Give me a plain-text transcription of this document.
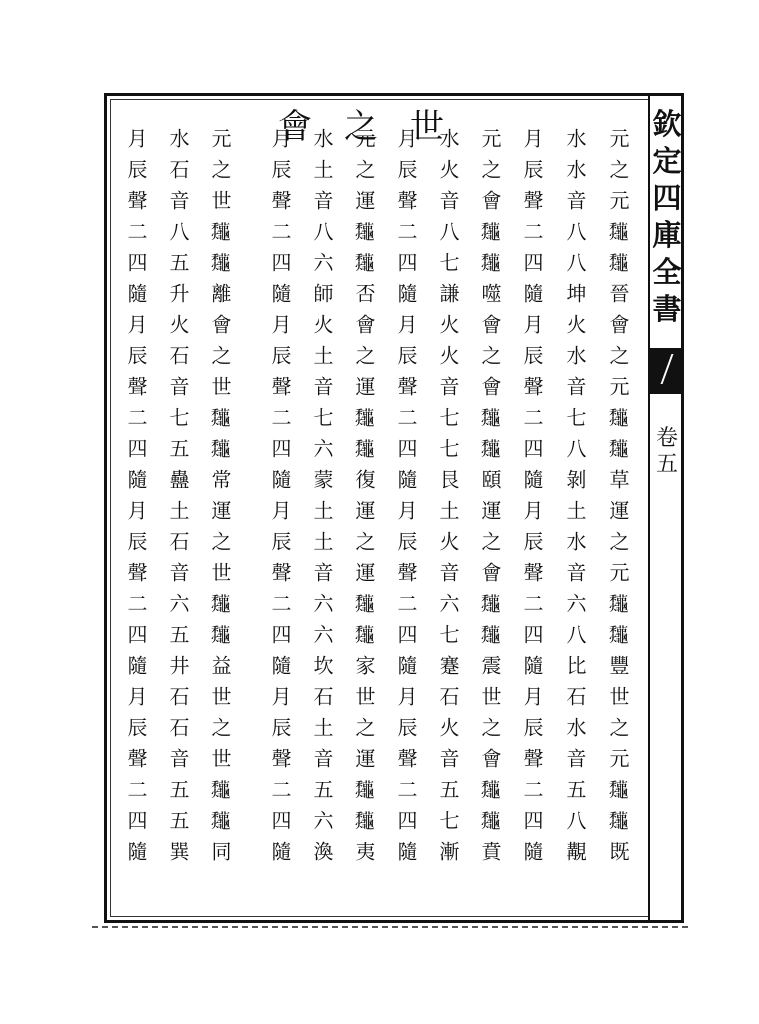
欽定四庫全書
卷五
會之世
元之元𪛁𪛁晉會之元𪛁𪛁草運之元𪛁𪛁豐世之元𪛁𪛁既
水水音八八坤火水音七八剝土水音六八比石水音五八覯
月辰聲二四隨月辰聲二四隨月辰聲二四隨月辰聲二四隨
元之會𪛁𪛁噬會之會𪛁𪛁頤運之會𪛁𪛁震世之會𪛁𪛁賁
水火音八七謙火火音七七艮土火音六七蹇石火音五七漸
月辰聲二四隨月辰聲二四隨月辰聲二四隨月辰聲二四隨
元之運𪛁𪛁否會之運𪛁𪛁復運之運𪛁𪛁家世之運𪛁𪛁夷
水土音八六師火土音七六蒙土土音六六坎石土音五六渙
月辰聲二四隨月辰聲二四隨月辰聲二四隨月辰聲二四隨
元之世𪛁𪛁離會之世𪛁𪛁常運之世𪛁𪛁益世之世𪛁𪛁同
水石音八五升火石音七五蠱土石音六五井石石音五五巽
月辰聲二四隨月辰聲二四隨月辰聲二四隨月辰聲二四隨
